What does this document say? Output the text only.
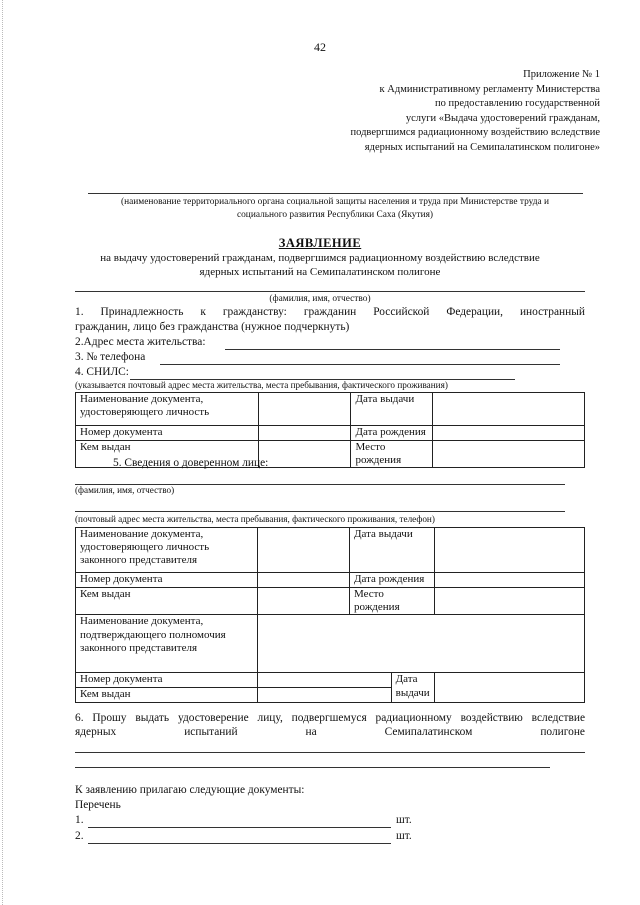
42
Приложение № 1
к Административному регламенту Министерства
по предоставлению государственной
услуги «Выдача удостоверений гражданам,
подвергшимся радиационному воздействию вследствие
ядерных испытаний на Семипалатинском полигоне»
(наименование территориального органа социальной защиты населения и труда при Министерстве труда и
социального развития Республики Саха (Якутия)
ЗАЯВЛЕНИЕ
на выдачу удостоверений гражданам, подвергшимся радиационному воздействию вследствие
ядерных испытаний на Семипалатинском полигоне
(фамилия, имя, отчество)
1. Принадлежность к гражданству: гражданин Российской Федерации, иностранный
гражданин, лицо без гражданства (нужное подчеркнуть)
2.Адрес места жительства:
3. № телефона
4. СНИЛС:
(указывается почтовый адрес места жительства, места пребывания, фактического проживания)
Наименование документа, удостоверяющего личность		Дата выдачи	
Номер документа		Дата рождения	
Кем выдан		Место рождения	
5. Сведения о доверенном лице:
(фамилия, имя, отчество)
(почтовый адрес места жительства, места пребывания, фактического проживания, телефон)
Наименование документа, удостоверяющего личность законного представителя		Дата выдачи		
Номер документа		Дата рождения		
Кем выдан		Место рождения		
Наименование документа, подтверждающего полномочия законного представителя				
Номер документа			Дата выдачи	
Кем выдан				
6. Прошу выдать удостоверение лицу, подвергшемуся радиационному воздействию вследствие
ядерных	испытаний	на	Семипалатинском	полигоне
К заявлению прилагаю следующие документы:
Перечень
1.	шт.
2.	шт.
